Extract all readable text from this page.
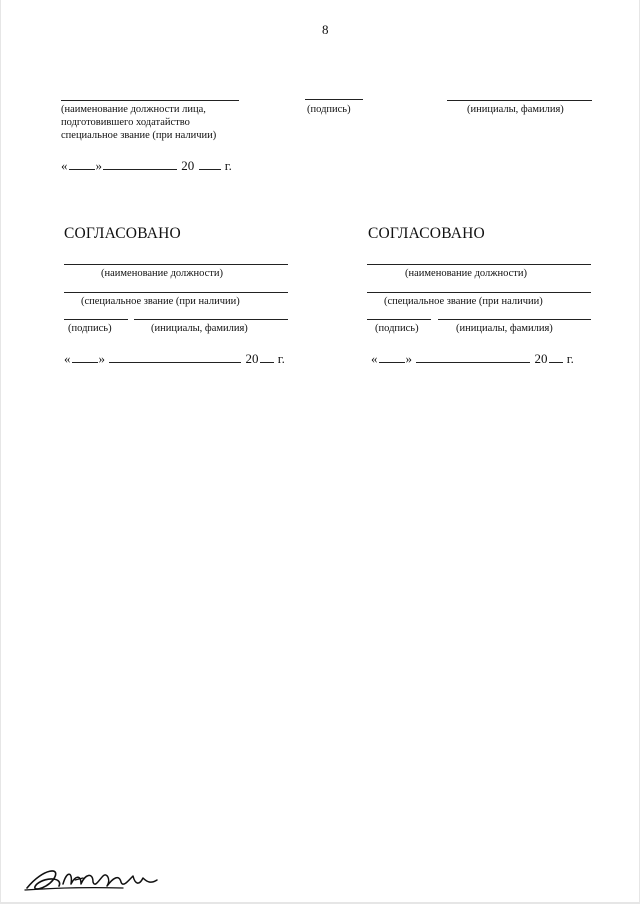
8
(наименование должности лица,
подготовившего ходатайство
специальное звание (при наличии)
(подпись)	(инициалы, фамилия)
« »	20 г.
СОГЛАСОВАНО
(наименование должности)
(специальное звание (при наличии)
(подпись)	(инициалы, фамилия)
« »	20 г.
СОГЛАСОВАНО
(наименование должности)
(специальное звание (при наличии)
(подпись)	(инициалы, фамилия)
« »	20 г.
